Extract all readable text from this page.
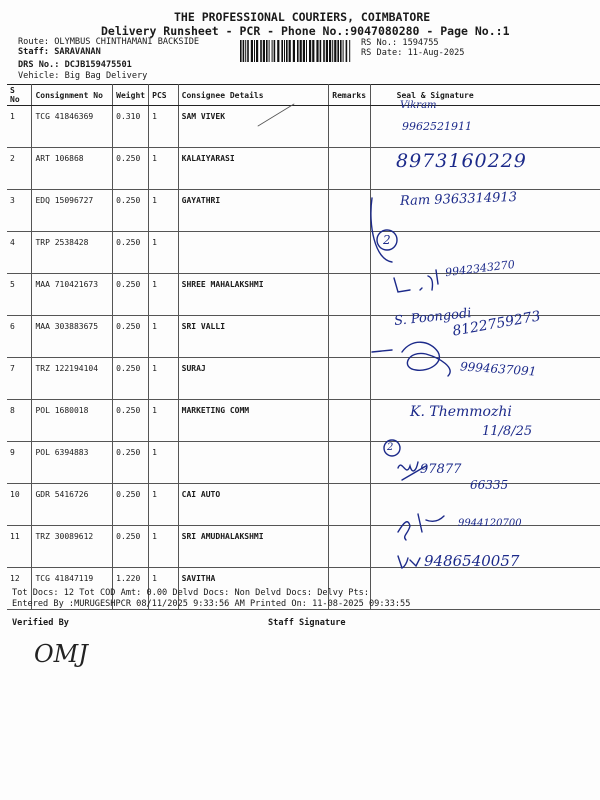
THE PROFESSIONAL COURIERS, COIMBATORE
Delivery Runsheet - PCR - Phone No.:9047080280 - Page No.:1
Route: OLYMBUS CHINTHAMANI BACKSIDE
Staff: SARAVANAN
DRS No.: DCJB159475501
Vehicle: Big Bag Delivery
RS No.: 1594755
RS Date: 11-Aug-2025
S No	Consignment No	Weight	PCS	Consignee Details	Remarks	Seal & Signature
1	TCG 41846369	0.310	1	SAM VIVEK		
2	ART 106868	0.250	1	KALAIYARASI		
3	EDQ 15096727	0.250	1	GAYATHRI		
4	TRP 2538428	0.250	1			
5	MAA 710421673	0.250	1	SHREE MAHALAKSHMI		
6	MAA 303883675	0.250	1	SRI VALLI		
7	TRZ 122194104	0.250	1	SURAJ		
8	POL 1680018	0.250	1	MARKETING COMM		
9	POL 6394883	0.250	1			
10	GDR 5416726	0.250	1	CAI AUTO		
11	TRZ 30089612	0.250	1	SRI AMUDHALAKSHMI		
12	TCG 41847119	1.220	1	SAVITHA		
Vikram
9962521911
8973160229
Ram 9363314913
9942343270
S. Poongodi
8122759273
9994637091
K. Themmozhi
11/8/25
97877
66335
9944120700
9486540057
2
2
OMJ
Tot Docs: 12 Tot COD Amt: 0.00 Delvd Docs: Non Delvd Docs: Delvy Pts:
Entered By :MURUGESHPCR 08/11/2025 9:33:56 AM Printed On: 11-08-2025 09:33:55
Verified By	Staff Signature
